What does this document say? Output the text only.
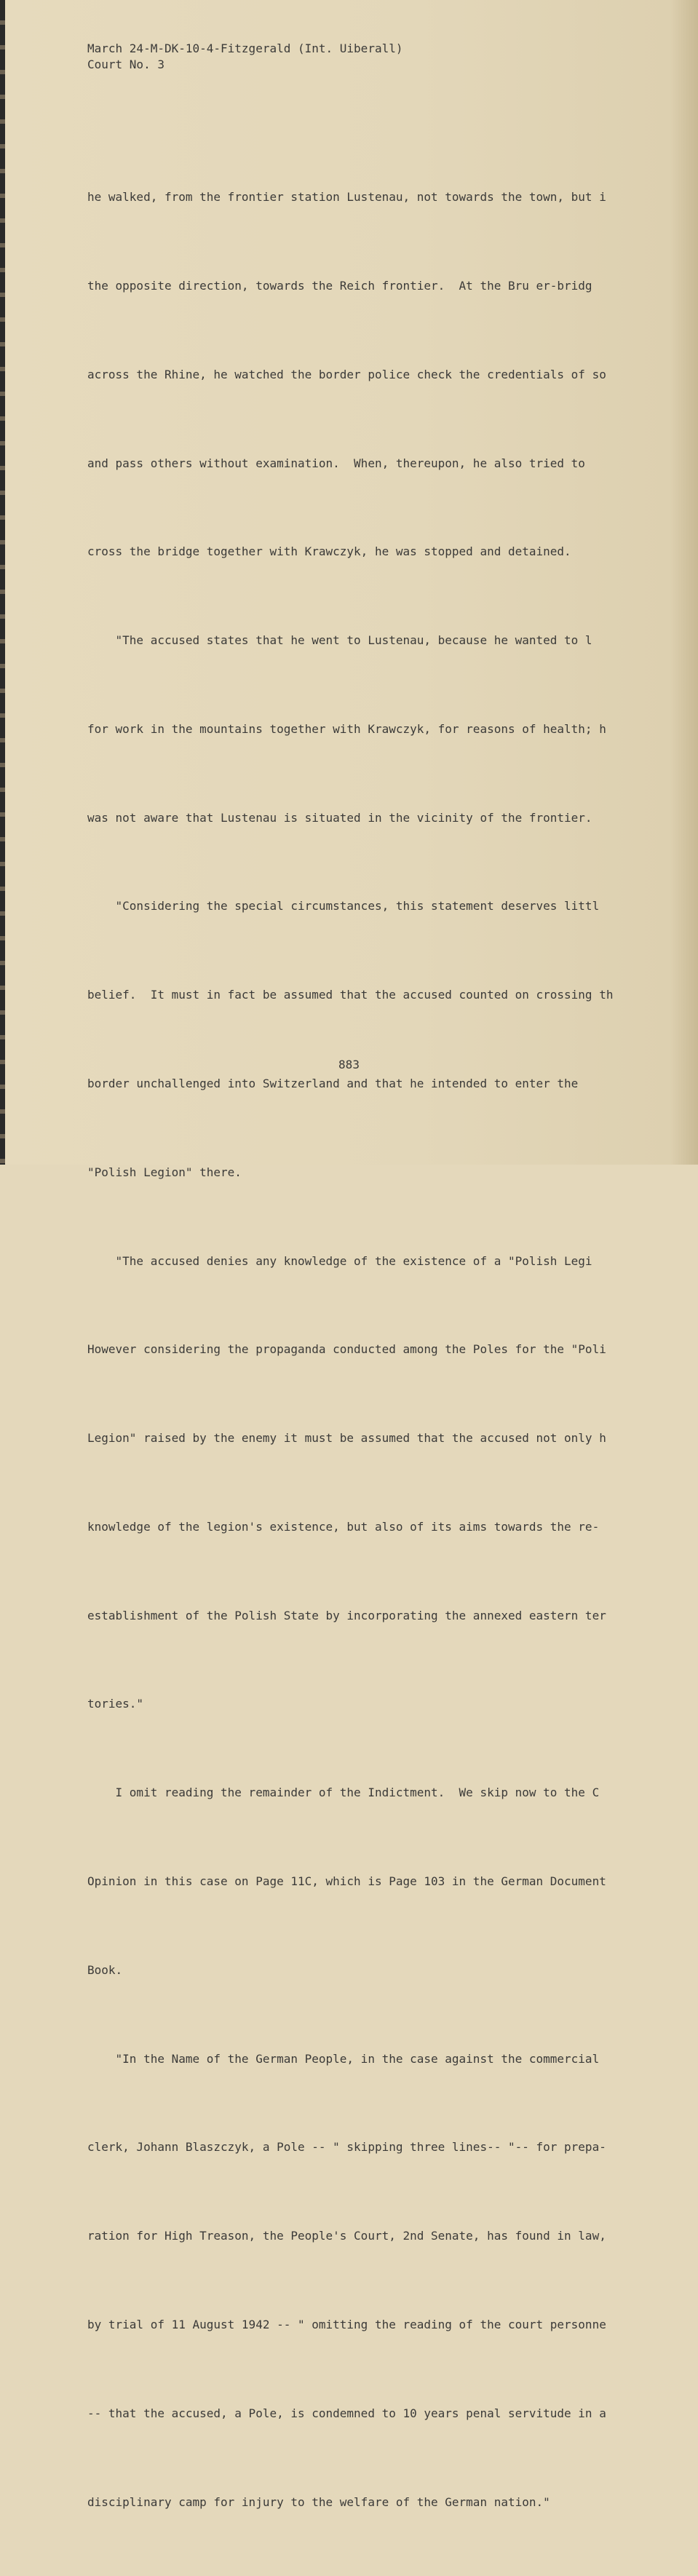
March 24-M-DK-10-4-Fitzgerald (Int. Uiberall)
Court No. 3

he walked, from the frontier station Lustenau, not towards the town, but i

the opposite direction, towards the Reich frontier.  At the Bru er-bridg

across the Rhine, he watched the border police check the credentials of so

and pass others without examination.  When, thereupon, he also tried to

cross the bridge together with Krawczyk, he was stopped and detained.

"The accused states that he went to Lustenau, because he wanted to l

for work in the mountains together with Krawczyk, for reasons of health; h

was not aware that Lustenau is situated in the vicinity of the frontier.

"Considering the special circumstances, this statement deserves littl

belief.  It must in fact be assumed that the accused counted on crossing th

border unchallenged into Switzerland and that he intended to enter the

"Polish Legion" there.

"The accused denies any knowledge of the existence of a "Polish Legi

However considering the propaganda conducted among the Poles for the "Poli

Legion" raised by the enemy it must be assumed that the accused not only h

knowledge of the legion's existence, but also of its aims towards the re-

establishment of the Polish State by incorporating the annexed eastern ter

tories."

I omit reading the remainder of the Indictment.  We skip now to the C

Opinion in this case on Page 11C, which is Page 103 in the German Document

Book.

"In the Name of the German People, in the case against the commercial

clerk, Johann Blaszczyk, a Pole -- " skipping three lines-- "-- for prepa-

ration for High Treason, the People's Court, 2nd Senate, has found in law,

by trial of 11 August 1942 -- " omitting the reading of the court personne

-- that the accused, a Pole, is condemned to 10 years penal servitude in a

disciplinary camp for injury to the welfare of the German nation."

883
